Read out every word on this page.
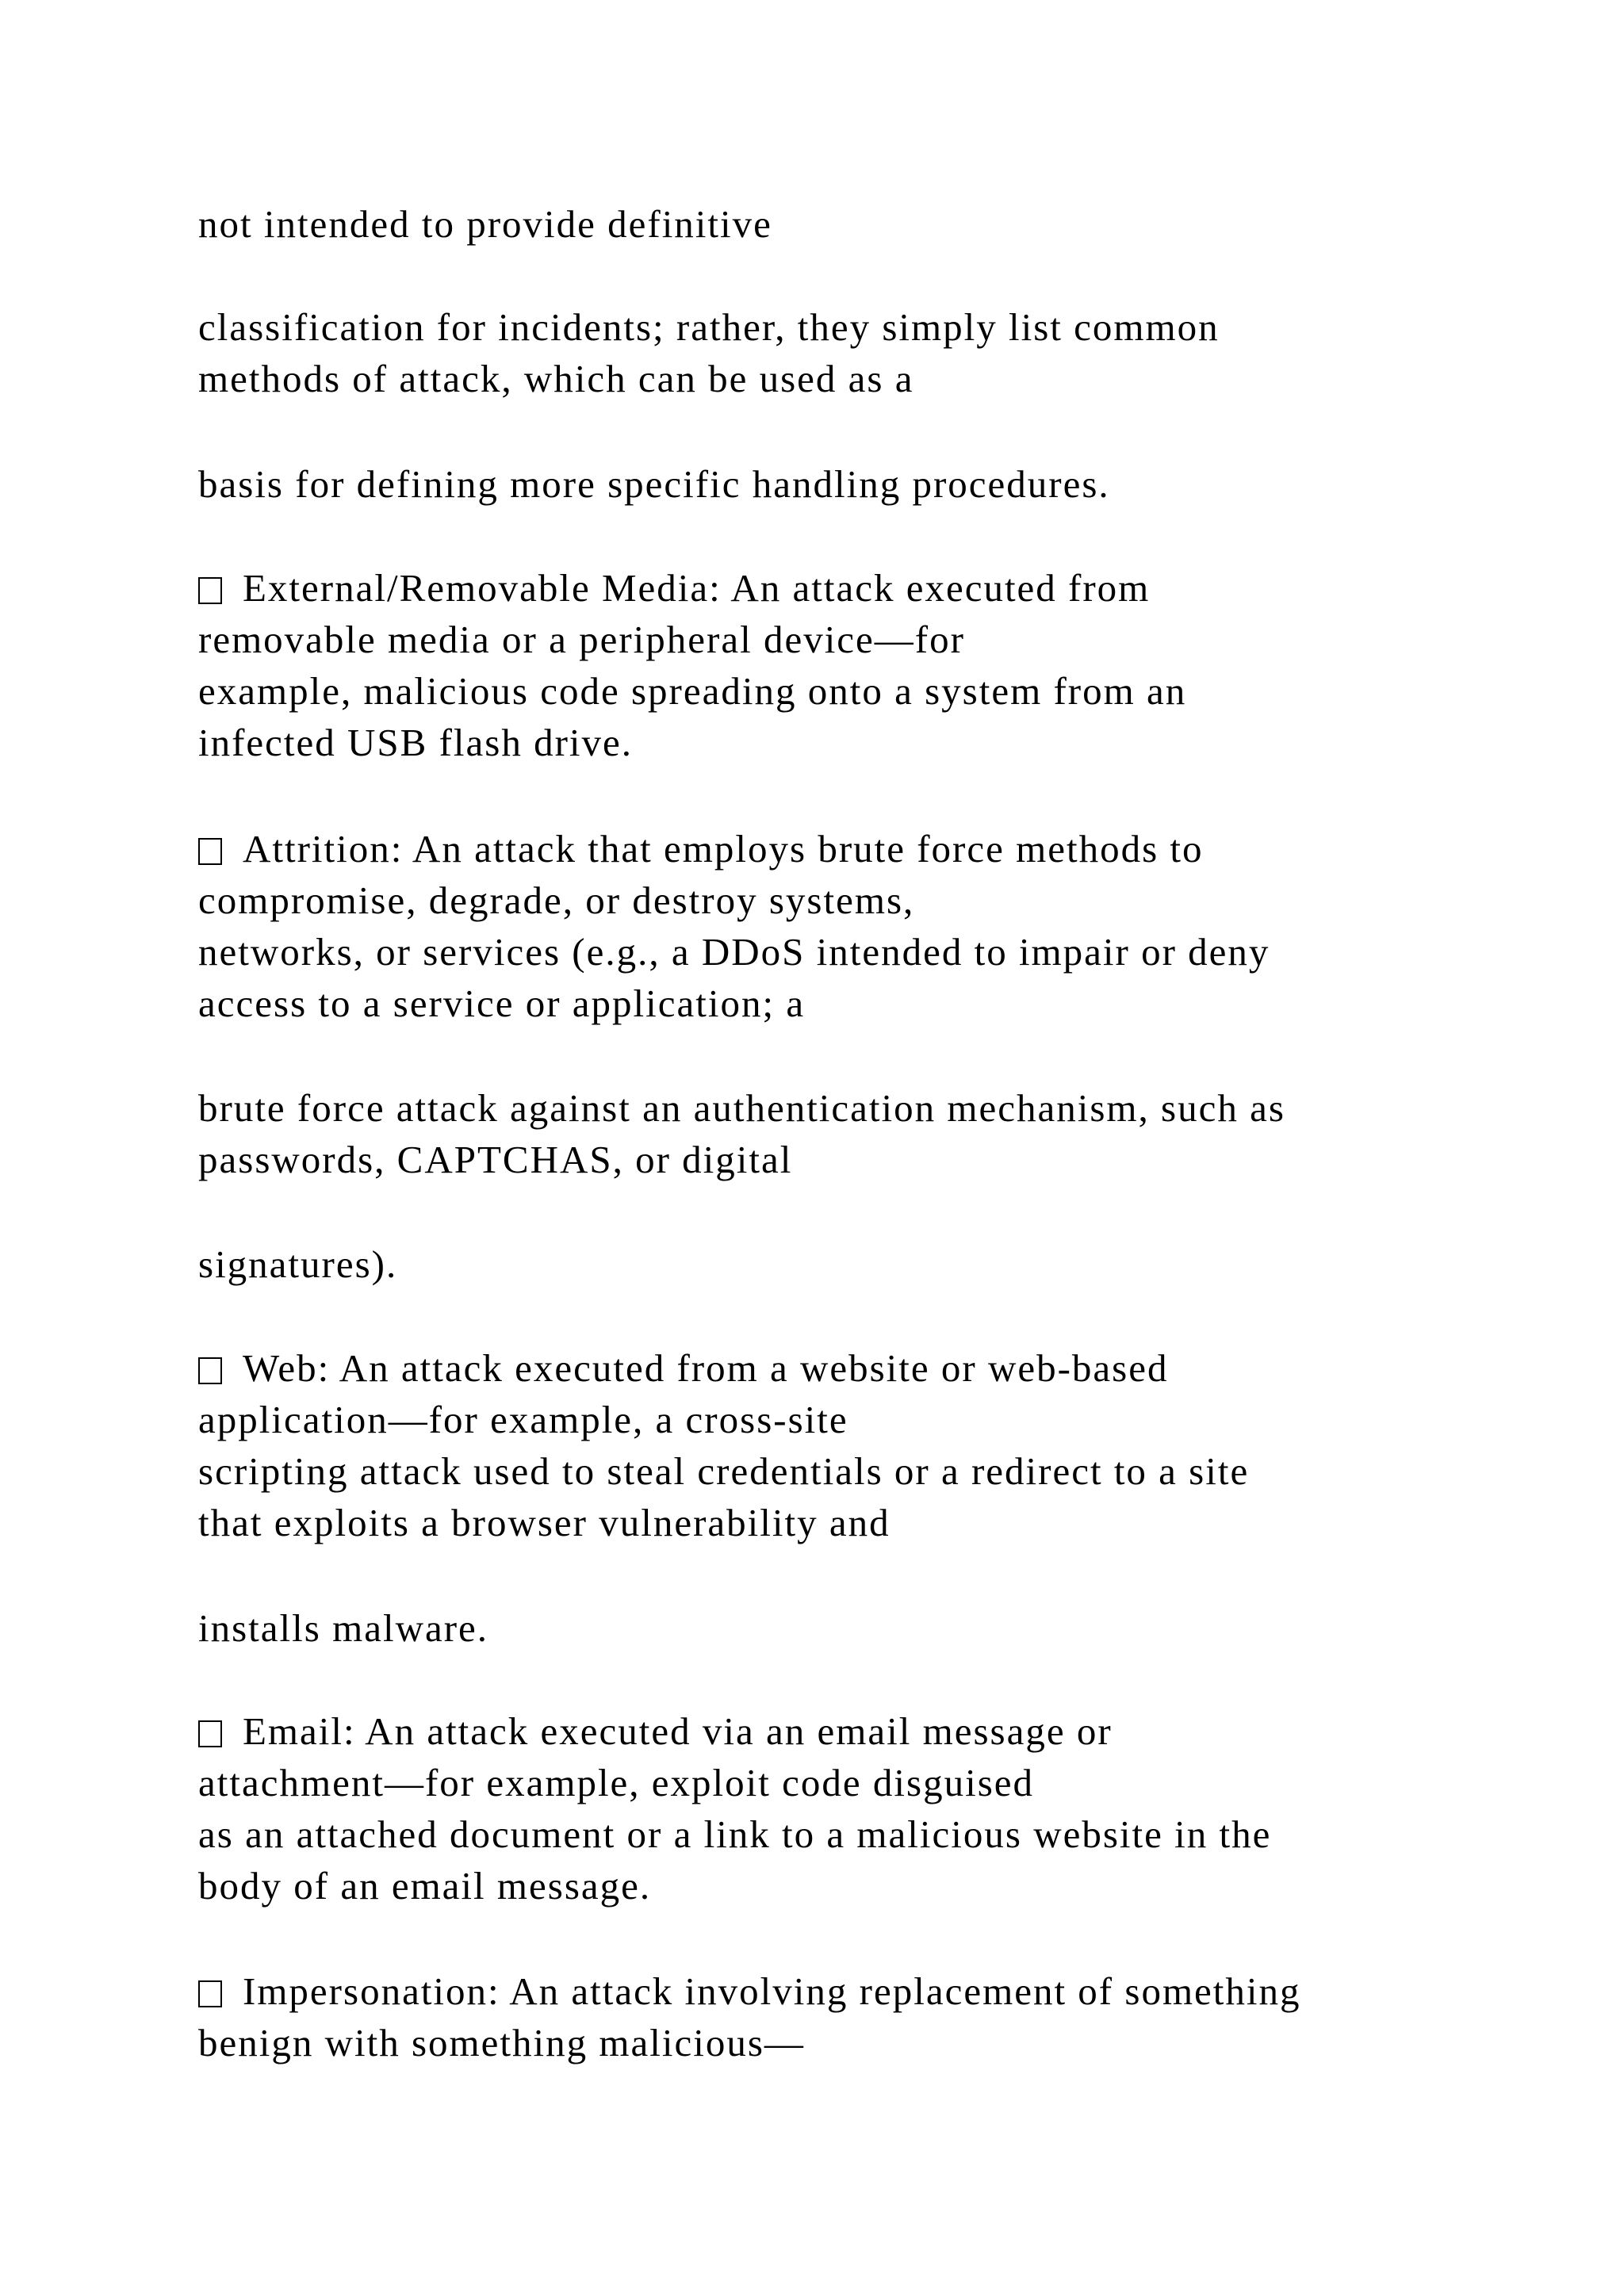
not intended to provide definitive

classification for incidents; rather, they simply list common
methods of attack, which can be used as a

basis for defining more specific handling procedures.

External/Removable Media: An attack executed from
removable media or a peripheral device—for
example, malicious code spreading onto a system from an
infected USB flash drive.

Attrition: An attack that employs brute force methods to
compromise, degrade, or destroy systems,
networks, or services (e.g., a DDoS intended to impair or deny
access to a service or application; a

brute force attack against an authentication mechanism, such as
passwords, CAPTCHAS, or digital

signatures).

Web: An attack executed from a website or web-based
application—for example, a cross-site
scripting attack used to steal credentials or a redirect to a site
that exploits a browser vulnerability and

installs malware.

Email: An attack executed via an email message or
attachment—for example, exploit code disguised
as an attached document or a link to a malicious website in the
body of an email message.

Impersonation: An attack involving replacement of something
benign with something malicious—
